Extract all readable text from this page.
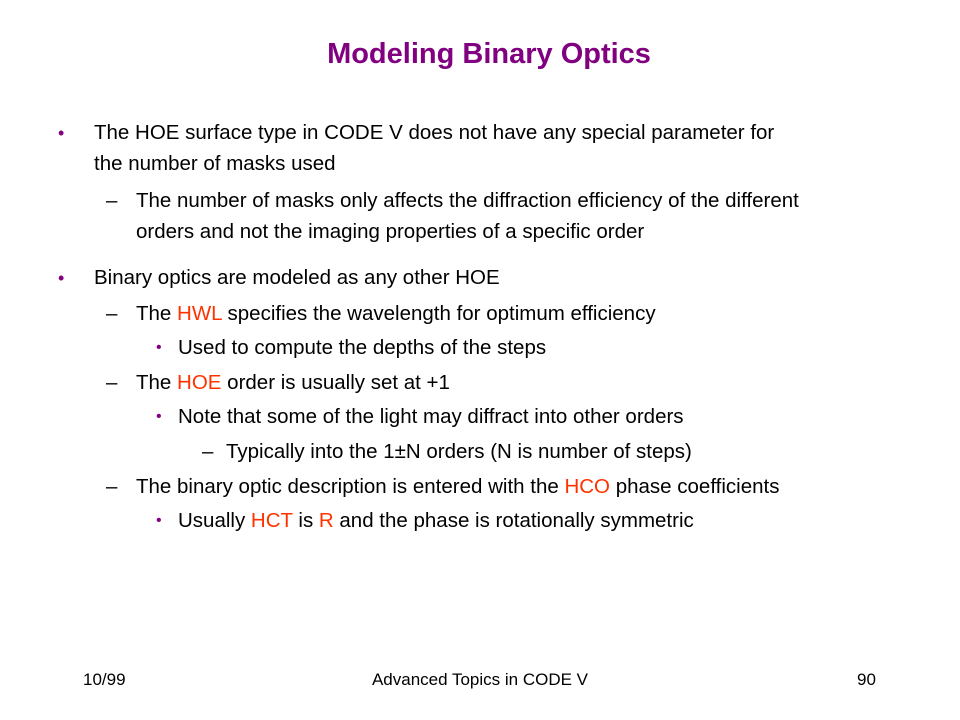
Modeling Binary Optics
• The HOE surface type in CODE V does not have any special parameter for
the number of masks used
– The number of masks only affects the diffraction efficiency of the different
orders and not the imaging properties of a specific order
• Binary optics are modeled as any other HOE
– The HWL specifies the wavelength for optimum efficiency
• Used to compute the depths of the steps
– The HOE order is usually set at +1
• Note that some of the light may diffract into other orders
– Typically into the 1±N orders (N is number of steps)
– The binary optic description is entered with the HCO phase coefficients
• Usually HCT is R and the phase is rotationally symmetric
10/99	Advanced Topics in CODE V	90
